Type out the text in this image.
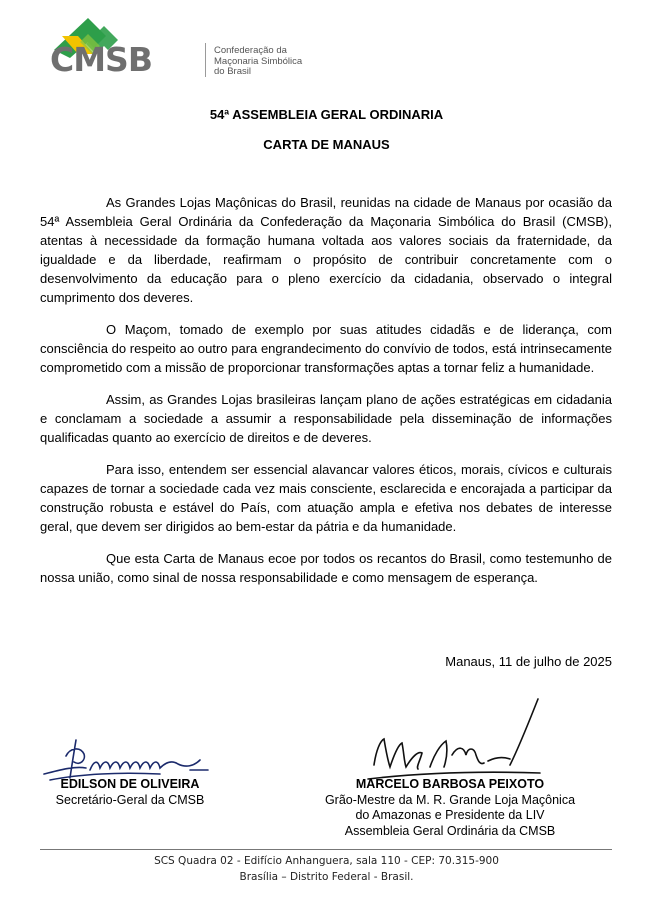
CMSB	Confederação da
Maçonaria Simbólica
do Brasil
54ª ASSEMBLEIA GERAL ORDINARIA
CARTA DE MANAUS

As Grandes Lojas Maçônicas do Brasil, reunidas na cidade de Manaus por ocasião da 54ª Assembleia Geral Ordinária da Confederação da Maçonaria Simbólica do Brasil (CMSB), atentas à necessidade da formação humana voltada aos valores sociais da fraternidade, da igualdade e da liberdade, reafirmam o propósito de contribuir concretamente com o desenvolvimento da educação para o pleno exercício da cidadania, observado o integral cumprimento dos deveres.

O Maçom, tomado de exemplo por suas atitudes cidadãs e de liderança, com consciência do respeito ao outro para engrandecimento do convívio de todos, está intrinsecamente comprometido com a missão de proporcionar transformações aptas a tornar feliz a humanidade.

Assim, as Grandes Lojas brasileiras lançam plano de ações estratégicas em cidadania e conclamam a sociedade a assumir a responsabilidade pela disseminação de informações qualificadas quanto ao exercício de direitos e de deveres.

Para isso, entendem ser essencial alavancar valores éticos, morais, cívicos e culturais capazes de tornar a sociedade cada vez mais consciente, esclarecida e encorajada a participar da construção robusta e estável do País, com atuação ampla e efetiva nos debates de interesse geral, que devem ser dirigidos ao bem-estar da pátria e da humanidade.

Que esta Carta de Manaus ecoe por todos os recantos do Brasil, como testemunho de nossa união, como sinal de nossa responsabilidade e como mensagem de esperança.

Manaus, 11 de julho de 2025
EDILSON DE OLIVEIRA
Secretário-Geral da CMSB
MARCELO BARBOSA PEIXOTO
Grão-Mestre da M. R. Grande Loja Maçônica
do Amazonas e Presidente da LIV
Assembleia Geral Ordinária da CMSB
SCS Quadra 02 - Edifício Anhanguera, sala 110 - CEP: 70.315-900
Brasília – Distrito Federal - Brasil.
